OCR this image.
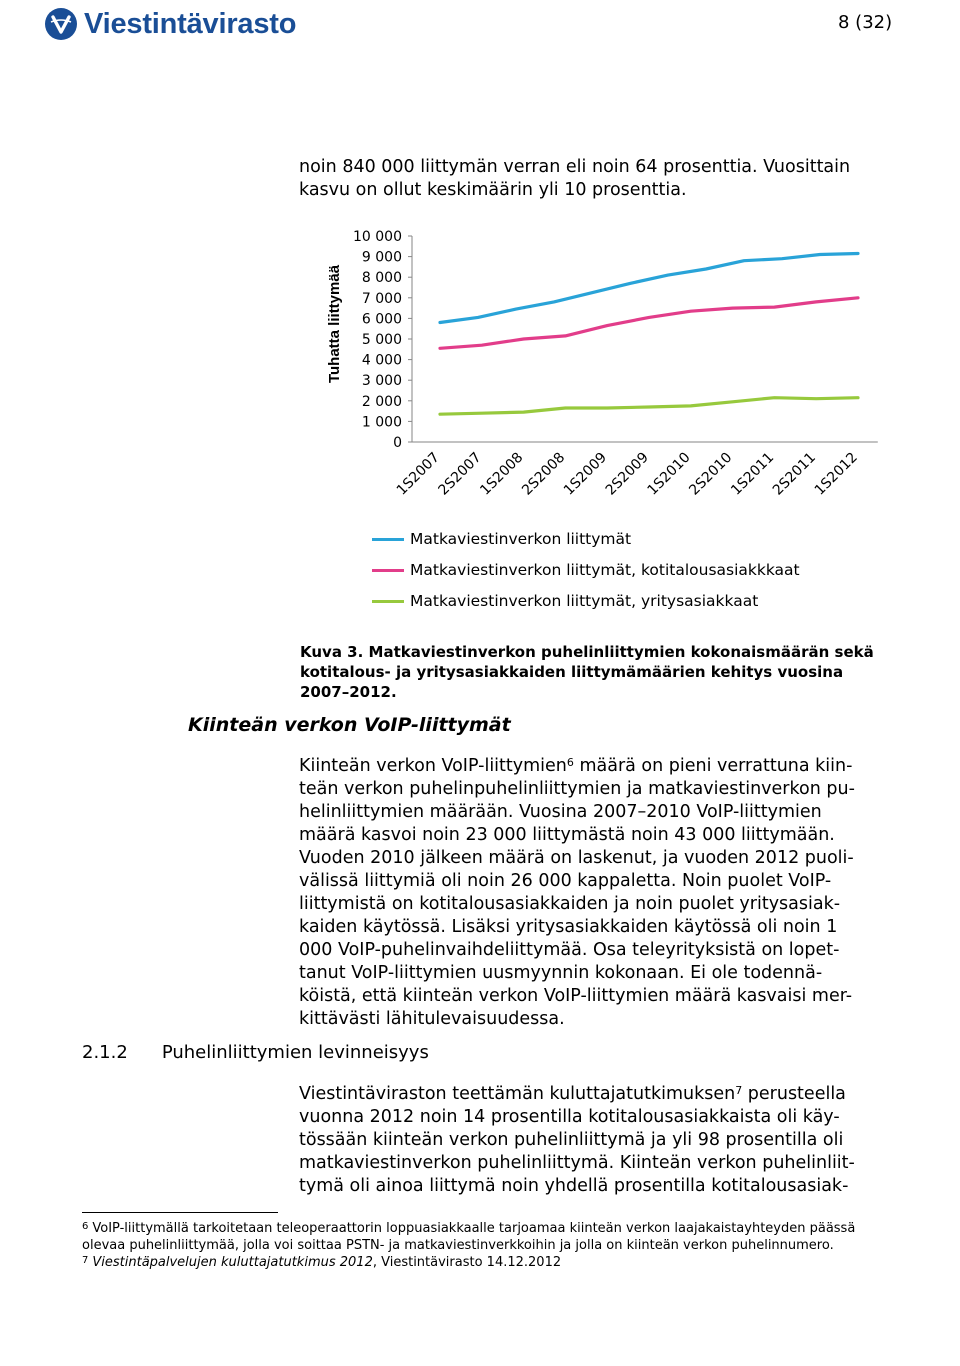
Viestintävirasto	8 (32)
noin 840 000 liittymän verran eli noin 64 prosenttia. Vuosittain
kasvu on ollut keskimäärin yli 10 prosenttia.
Tuhatta liittymää
0
1 000
2 000
3 000
4 000
5 000
6 000
7 000
8 000
9 000
10 000
1S2007
2S2007
1S2008
2S2008
1S2009
2S2009
1S2010
2S2010
1S2011
2S2011
1S2012
Matkaviestinverkon liittymät
Matkaviestinverkon liittymät, kotitalousasiakkkaat
Matkaviestinverkon liittymät, yritysasiakkaat
Kuva 3. Matkaviestinverkon puhelinliittymien kokonaismäärän sekä
kotitalous- ja yritysasiakkaiden liittymämäärien kehitys vuosina
2007–2012.
Kiinteän verkon VoIP-liittymät
Kiinteän verkon VoIP-liittymien$^6$ määrä on pieni verrattuna kiin-
teän verkon puhelinpuhelinliittymien ja matkaviestinverkon pu-
helinliittymien määrään. Vuosina 2007–2010 VoIP-liittymien
määrä kasvoi noin 23 000 liittymästä noin 43 000 liittymään.
Vuoden 2010 jälkeen määrä on laskenut, ja vuoden 2012 puoli-
välissä liittymiä oli noin 26 000 kappaletta. Noin puolet VoIP-
liittymistä on kotitalousasiakkaiden ja noin puolet yritysasiak-
kaiden käytössä. Lisäksi yritysasiakkaiden käytössä oli noin 1
000 VoIP-puhelinvaihdeliittymää. Osa teleyrityksistä on lopet-
tanut VoIP-liittymien uusmyynnin kokonaan. Ei ole todennä-
köistä, että kiinteän verkon VoIP-liittymien määrä kasvaisi mer-
kittävästi lähitulevaisuudessa.
2.1.2 Puhelinliittymien levinneisyys
Viestintäviraston teettämän kuluttajatutkimuksen$^7$ perusteella
vuonna 2012 noin 14 prosentilla kotitalousasiakkaista oli käy-
tössään kiinteän verkon puhelinliittymä ja yli 98 prosentilla oli
matkaviestinverkon puhelinliittymä. Kiinteän verkon puhelinliit-
tymä oli ainoa liittymä noin yhdellä prosentilla kotitalousasiak-
$^6$ VoIP-liittymällä tarkoitetaan teleoperaattorin loppuasiakkaalle tarjoamaa kiinteän verkon laajakaistayhteyden päässä
olevaa puhelinliittymää, jolla voi soittaa PSTN- ja matkaviestinverkkoihin ja jolla on kiinteän verkon puhelinnumero.
$^7$ Viestintäpalvelujen kuluttajatutkimus 2012, Viestintävirasto 14.12.2012
